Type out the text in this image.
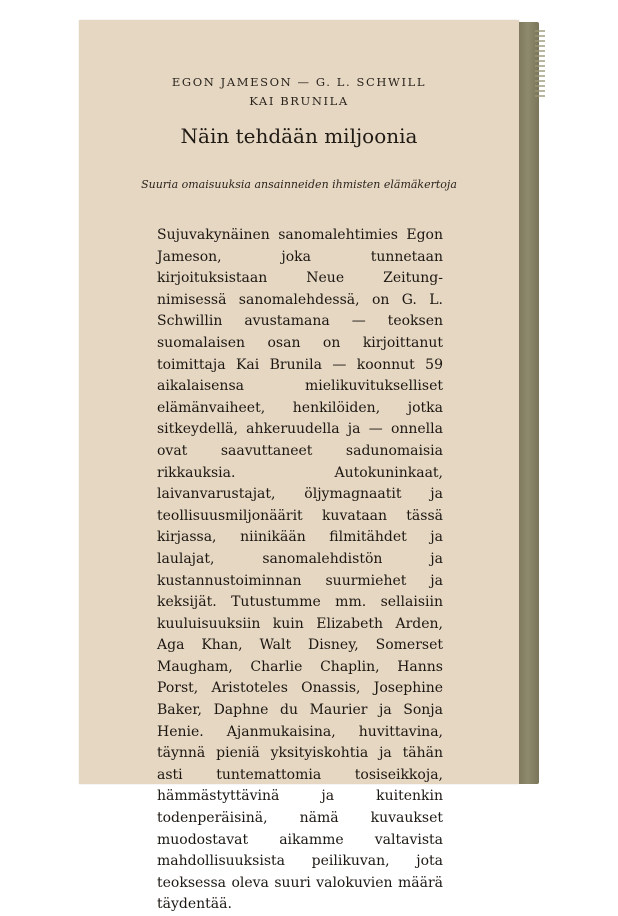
EGON JAMESON — G. L. SCHWILL
KAI BRUNILA
Näin tehdään miljoonia
Suuria omaisuuksia ansainneiden ihmisten elämäkertoja
Sujuvakynäinen sanomalehtimies Egon Jameson, joka tunnetaan kirjoituksistaan Neue Zeitung-nimisessä sanomalehdessä, on G. L. Schwillin avustamana — teoksen suomalaisen osan on kirjoittanut toimittaja Kai Brunila — koonnut 59 aikalaisensa mielikuvitukselliset elämänvaiheet, henkilöiden, jotka sitkeydellä, ahkeruudella ja — onnella ovat saavuttaneet sadunomaisia rikkauksia. Autokuninkaat, laivanvarustajat, öljymagnaatit ja teollisuusmiljonäärit kuvataan tässä kirjassa, niinikään filmitähdet ja laulajat, sanomalehdistön ja kustannustoiminnan suurmiehet ja keksijät. Tutustumme mm. sellaisiin kuuluisuuksiin kuin Elizabeth Arden, Aga Khan, Walt Disney, Somerset Maugham, Charlie Chaplin, Hanns Porst, Aristoteles Onassis, Josephine Baker, Daphne du Maurier ja Sonja Henie. Ajanmukaisina, huvittavina, täynnä pieniä yksityiskohtia ja tähän asti tuntemattomia tosiseikkoja, hämmästyttävinä ja kuitenkin todenperäisinä, nämä kuvaukset muodostavat aikamme valtavista mahdollisuuksista peilikuvan, jota teoksessa oleva suuri valokuvien määrä täydentää.
